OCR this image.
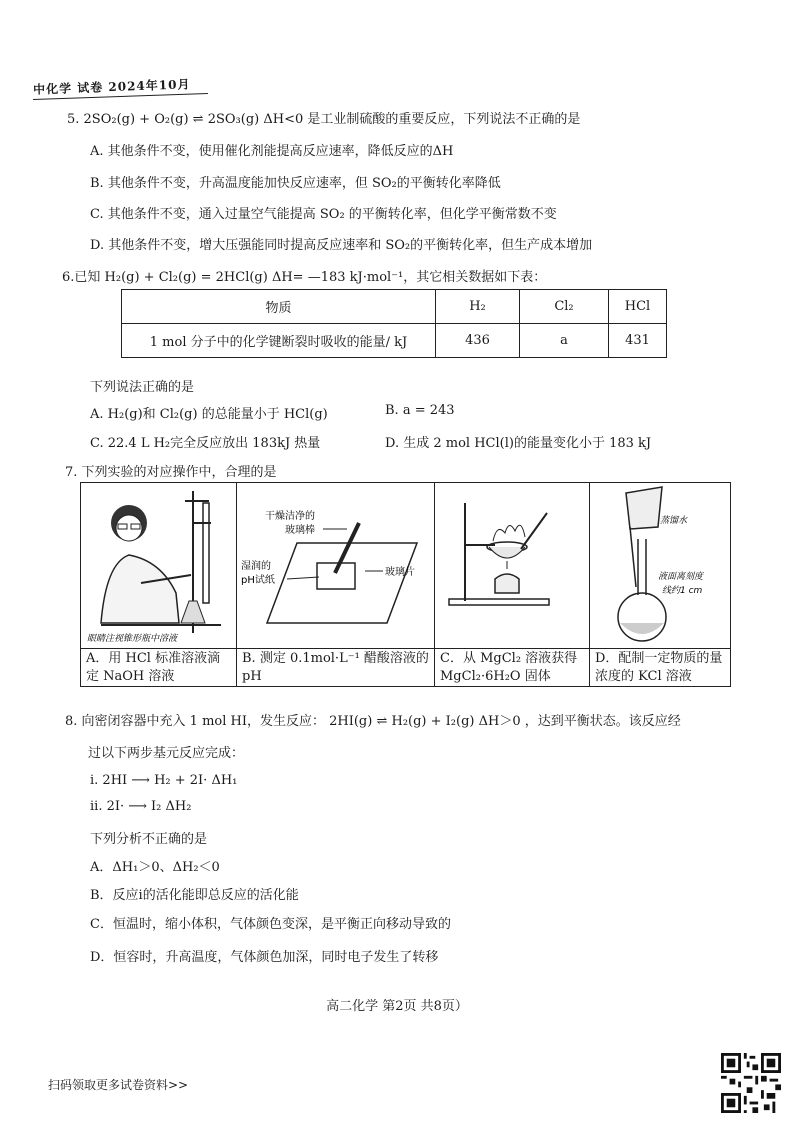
中化学 试卷 2024年10月
5. 2SO₂(g) + O₂(g) ⇌ 2SO₃(g) ΔH<0 是工业制硫酸的重要反应，下列说法不正确的是
A. 其他条件不变，使用催化剂能提高反应速率，降低反应的ΔH
B. 其他条件不变，升高温度能加快反应速率，但 SO₂的平衡转化率降低
C. 其他条件不变，通入过量空气能提高 SO₂ 的平衡转化率，但化学平衡常数不变
D. 其他条件不变，增大压强能同时提高反应速率和 SO₂的平衡转化率，但生产成本增加
6.已知 H₂(g) + Cl₂(g) = 2HCl(g) ΔH= —183 kJ·mol⁻¹，其它相关数据如下表：
物质	H₂	Cl₂	HCl
1 mol 分子中的化学键断裂时吸收的能量/ kJ	436	a	431
下列说法正确的是
A. H₂(g)和 Cl₂(g) 的总能量小于 HCl(g)	B. a = 243
C. 22.4 L H₂完全反应放出 183kJ 热量	D. 生成 2 mol HCl(l)的能量变化小于 183 kJ
7. 下列实验的对应操作中，合理的是
眼睛注视锥形瓶中溶液
干燥洁净的
玻璃棒
湿润的
pH试纸
玻璃片
蒸馏水
液面离刻度
线约1 cm
A．用 HCl 标准溶液滴定 NaOH 溶液
B. 测定 0.1mol·L⁻¹ 醋酸溶液的 pH
C．从 MgCl₂ 溶液获得 MgCl₂·6H₂O 固体
D．配制一定物质的量浓度的 KCl 溶液
8. 向密闭容器中充入 1 mol HI，发生反应： 2HI(g) ⇌ H₂(g) + I₂(g) ΔH＞0 ，达到平衡状态。该反应经
过以下两步基元反应完成：
i. 2HI ⟶ H₂ + 2I· ΔH₁
ii. 2I· ⟶ I₂ ΔH₂
下列分析不正确的是
A．ΔH₁＞0、ΔH₂＜0
B．反应i的活化能即总反应的活化能
C．恒温时，缩小体积，气体颜色变深，是平衡正向移动导致的
D．恒容时，升高温度，气体颜色加深，同时电子发生了转移
高二化学 第2页 共8页）
扫码领取更多试卷资料>>
